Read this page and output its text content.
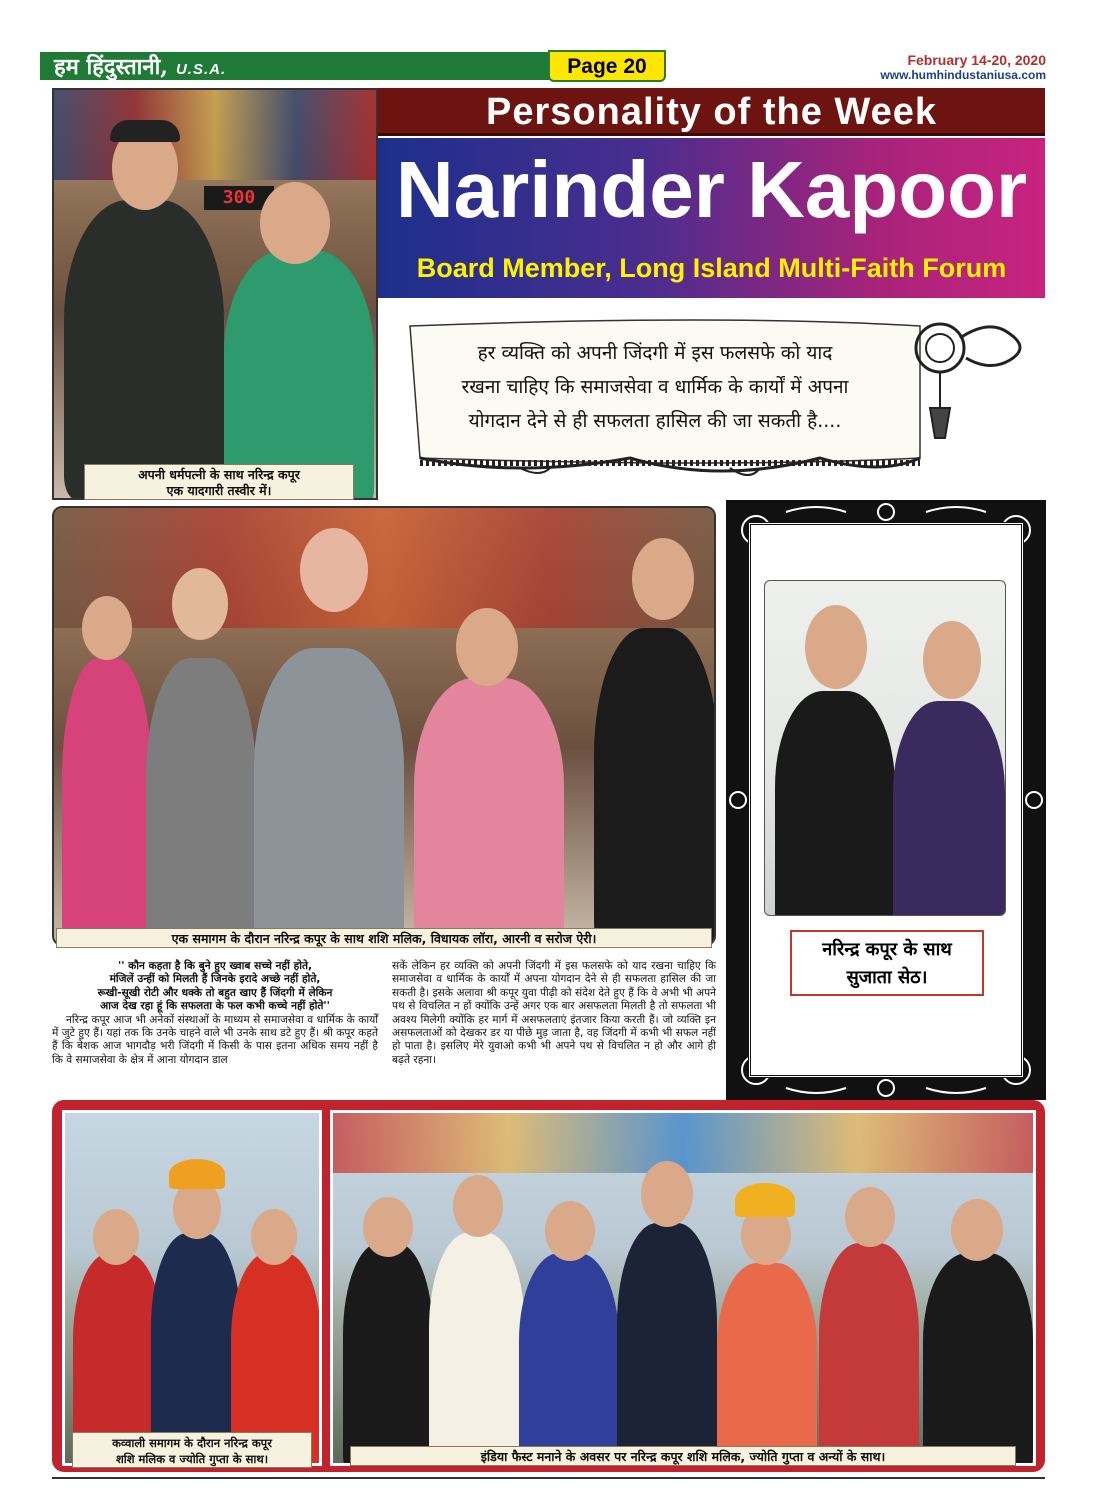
हम हिंदुस्तानी, U.S.A.	Page 20	February 14-20, 2020
www.humhindustaniusa.com
300
अपनी धर्मपत्नी के साथ नरिन्द्र कपूर
एक यादगारी तस्वीर में।
Personality of the Week
Narinder Kapoor
Board Member, Long Island Multi-Faith Forum
हर व्यक्ति को अपनी जिंदगी में इस फलसफे को याद
रखना चाहिए कि समाजसेवा व धार्मिक के कार्यों में अपना
योगदान देने से ही सफलता हासिल की जा सकती है....
एक समागम के दौरान नरिन्द्र कपूर के साथ शशि मलिक, विधायक लॉरा, आरनी व सरोज ऐरी।
नरिन्द्र कपूर के साथ
सुजाता सेठ।

'' कौन कहता है कि बुने हुए ख्वाब सच्चे नहीं होते,

मंजिलें उन्हीं को मिलती हैं जिनके इरादे अच्छे नहीं होते,

रूखी-सूखी रोटी और धक्के तो बहुत खाए हैं जिंदगी में लेकिन

आज देख रहा हूं कि सफलता के फल कभी कच्चे नहीं होते''

नरिन्द्र कपूर आज भी अनेकों संस्थाओं के माध्यम से समाजसेवा व धार्मिक के कार्यों में जुटे हुए हैं। यहां तक कि उनके चाहने वाले भी उनके साथ डटे हुए हैं। श्री कपूर कहते हैं कि बेशक आज भागदौड़ भरी जिंदगी में किसी के पास इतना अधिक समय नहीं है कि वे समाजसेवा के क्षेत्र में आना योगदान डाल

सकें लेकिन हर व्यक्ति को अपनी जिंदगी में इस फलसफे को याद रखना चाहिए कि समाजसेवा व धार्मिक के कार्यों में अपना योगदान देने से ही सफलता हासिल की जा सकती है। इसके अलावा श्री कपूर युवा पीढ़ी को संदेश देते हुए हैं कि वे अभी भी अपने पथ से विचलित न हों क्योंकि उन्हें अगर एक बार असफलता मिलती है तो सफलता भी अवश्य मिलेगी क्योंकि हर मार्ग में असफलताएं इंतजार किया करती हैं। जो व्यक्ति इन असफलताओं को देखकर डर या पीछे मुड़ जाता है, वह जिंदगी में कभी भी सफल नहीं हो पाता है। इसलिए मेरे युवाओ कभी भी अपने पथ से विचलित न हो और आगे ही बढ़ते रहना।

कव्वाली समागम के दौरान नरिन्द्र कपूर
शशि मलिक व ज्योति गुप्ता के साथ।	इंडिया फैस्ट मनाने के अवसर पर नरिन्द्र कपूर शशि मलिक, ज्योति गुप्ता व अन्यों के साथ।
